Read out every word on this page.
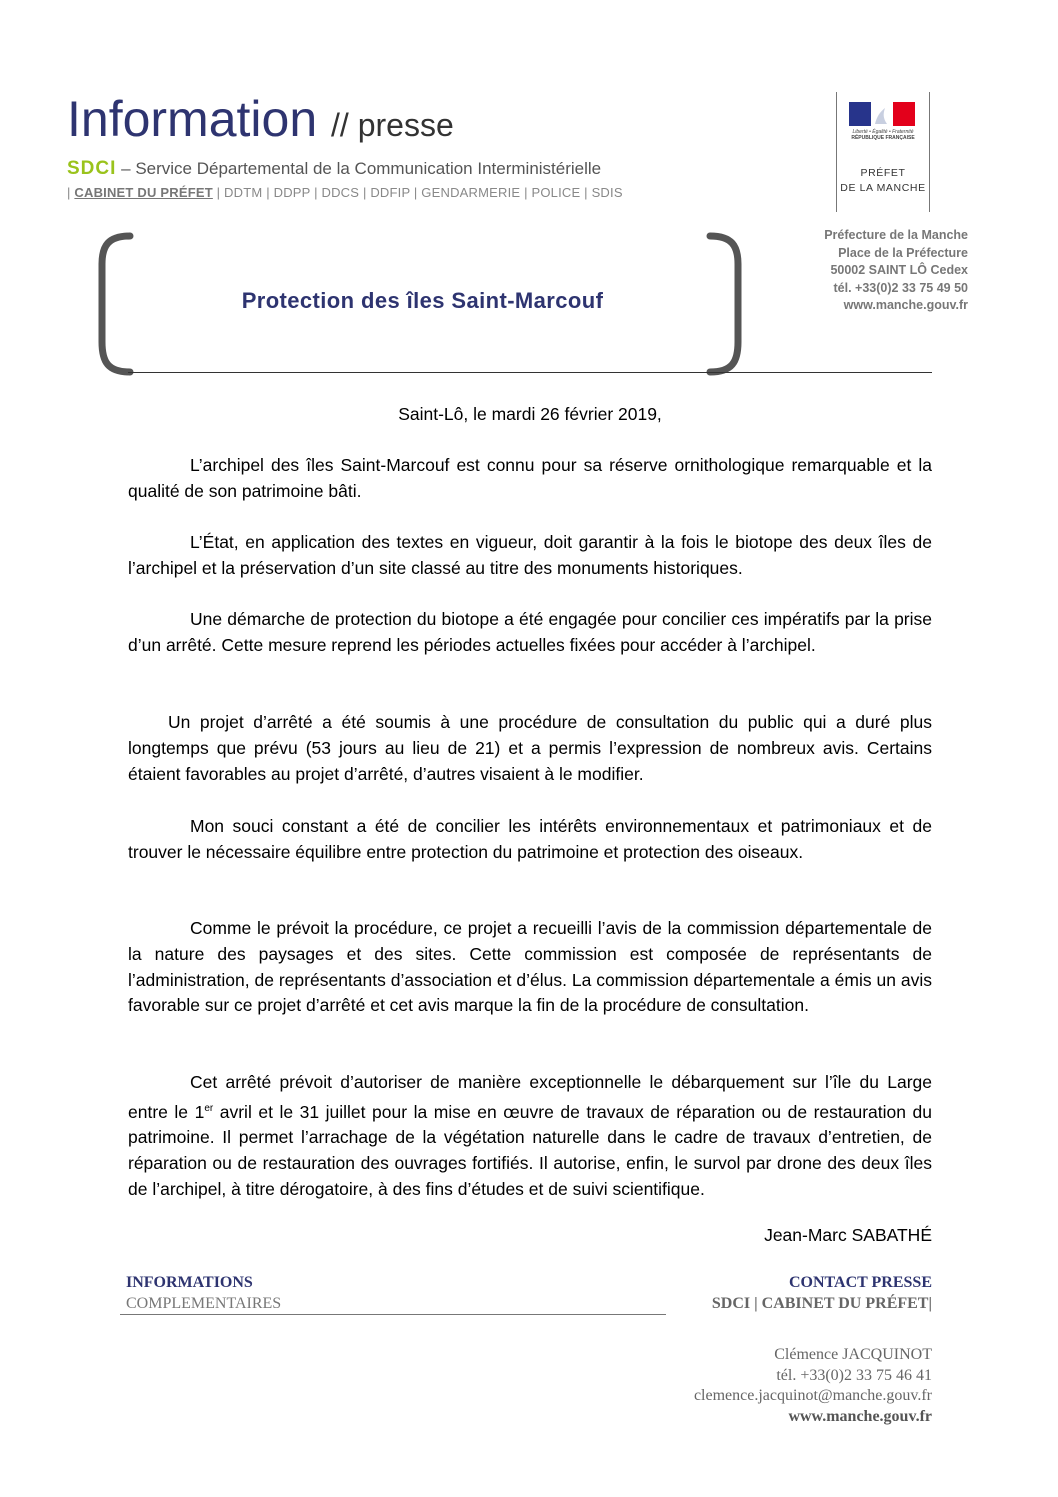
Information // presse
SDCI – Service Départemental de la Communication Interministérielle
| CABINET DU PRÉFET | DDTM | DDPP | DDCS | DDFIP | GENDARMERIE | POLICE | SDIS
Liberté • Égalité • Fraternité
RÉPUBLIQUE FRANÇAISE
PRÉFET
DE LA MANCHE
Préfecture de la Manche
Place de la Préfecture
50002 SAINT LÔ Cedex
tél. +33(0)2 33 75 49 50
www.manche.gouv.fr
Protection des îles Saint-Marcouf
Saint-Lô, le mardi 26 février 2019,

L’archipel des îles Saint-Marcouf est connu pour sa réserve ornithologique remarquable et la qualité de son patrimoine bâti.

L’État, en application des textes en vigueur, doit garantir à la fois le biotope des deux îles de l’archipel et la préservation d’un site classé au titre des monuments historiques.

Une démarche de protection du biotope a été engagée pour concilier ces impératifs par la prise d’un arrêté. Cette mesure reprend les périodes actuelles fixées pour accéder à l’archipel.

Un projet d’arrêté a été soumis à une procédure de consultation du public qui a duré plus longtemps que prévu (53 jours au lieu de 21) et a permis l’expression de nombreux avis. Certains étaient favorables au projet d’arrêté, d’autres visaient à le modifier.

Mon souci constant a été de concilier les intérêts environnementaux et patrimoniaux et de trouver le nécessaire équilibre entre protection du patrimoine et protection des oiseaux.

Comme le prévoit la procédure, ce projet a recueilli l’avis de la commission départementale de la nature des paysages et des sites. Cette commission est composée de représentants de l’administration, de représentants d’association et d’élus. La commission départementale a émis un avis favorable sur ce projet d’arrêté et cet avis marque la fin de la procédure de consultation.

Cet arrêté prévoit d’autoriser de manière exceptionnelle le débarquement sur l’île du Large entre le 1er avril et le 31 juillet pour la mise en œuvre de travaux de réparation ou de restauration du patrimoine. Il permet l’arrachage de la végétation naturelle dans le cadre de travaux d’entretien, de réparation ou de restauration des ouvrages fortifiés. Il autorise, enfin, le survol par drone des deux îles de l’archipel, à titre dérogatoire, à des fins d’études et de suivi scientifique.

Jean-Marc SABATHÉ
INFORMATIONS
COMPLEMENTAIRES
CONTACT PRESSE
SDCI | CABINET DU PRÉFET|
Clémence JACQUINOT
tél. +33(0)2 33 75 46 41
clemence.jacquinot@manche.gouv.fr
www.manche.gouv.fr
